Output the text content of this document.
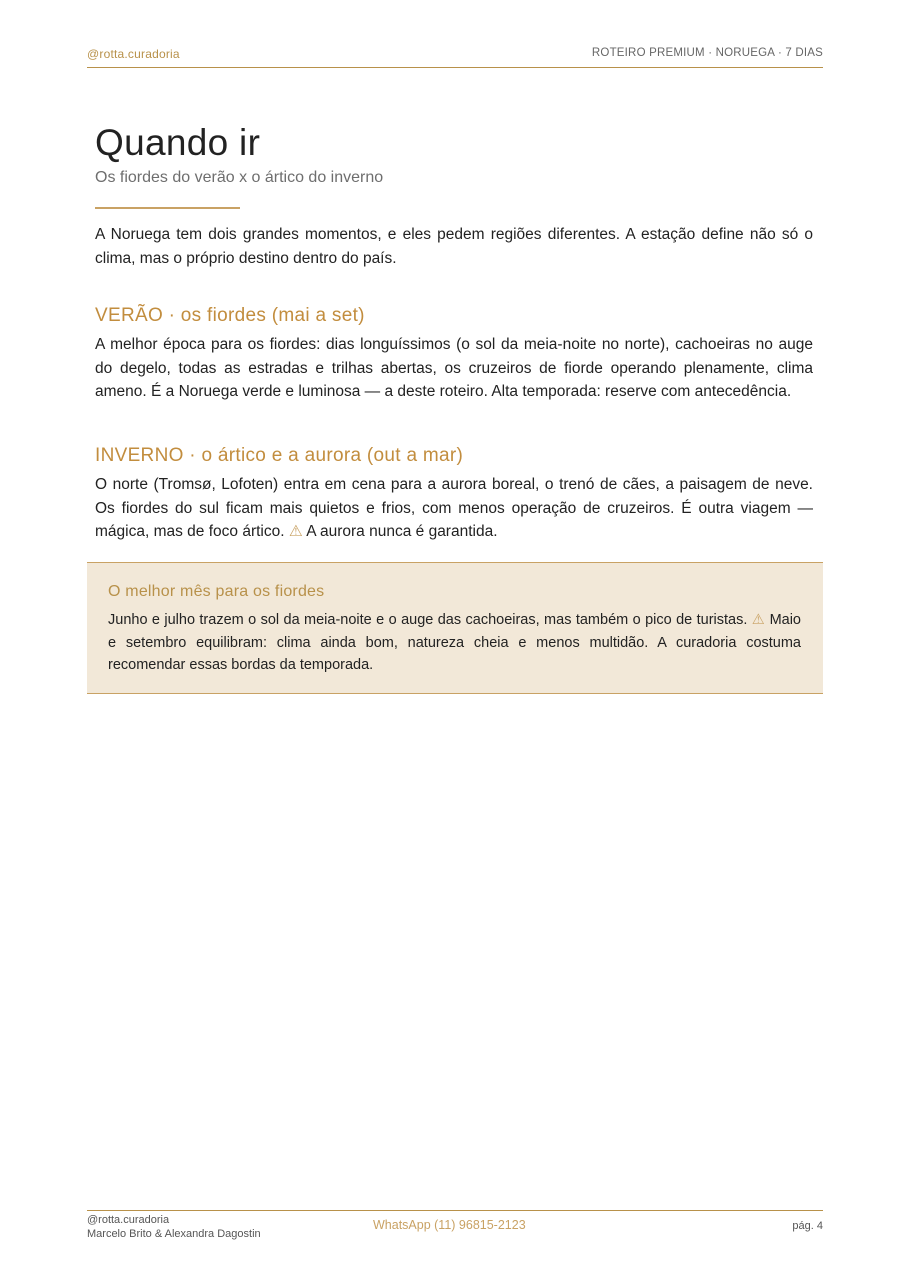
@rotta.curadoria	ROTEIRO PREMIUM · NORUEGA · 7 DIAS
Quando ir
Os fiordes do verão x o ártico do inverno
A Noruega tem dois grandes momentos, e eles pedem regiões diferentes. A estação define não só o clima, mas o próprio destino dentro do país.
VERÃO · os fiordes (mai a set)
A melhor época para os fiordes: dias longuíssimos (o sol da meia-noite no norte), cachoeiras no auge do degelo, todas as estradas e trilhas abertas, os cruzeiros de fiorde operando plenamente, clima ameno. É a Noruega verde e luminosa — a deste roteiro. Alta temporada: reserve com antecedência.
INVERNO · o ártico e a aurora (out a mar)
O norte (Tromsø, Lofoten) entra em cena para a aurora boreal, o trenó de cães, a paisagem de neve. Os fiordes do sul ficam mais quietos e frios, com menos operação de cruzeiros. É outra viagem — mágica, mas de foco ártico. ⚠ A aurora nunca é garantida.
O melhor mês para os fiordes
Junho e julho trazem o sol da meia-noite e o auge das cachoeiras, mas também o pico de turistas. ⚠ Maio e setembro equilibram: clima ainda bom, natureza cheia e menos multidão. A curadoria costuma recomendar essas bordas da temporada.
@rotta.curadoria
Marcelo Brito & Alexandra Dagostin
WhatsApp (11) 96815-2123	pág. 4
